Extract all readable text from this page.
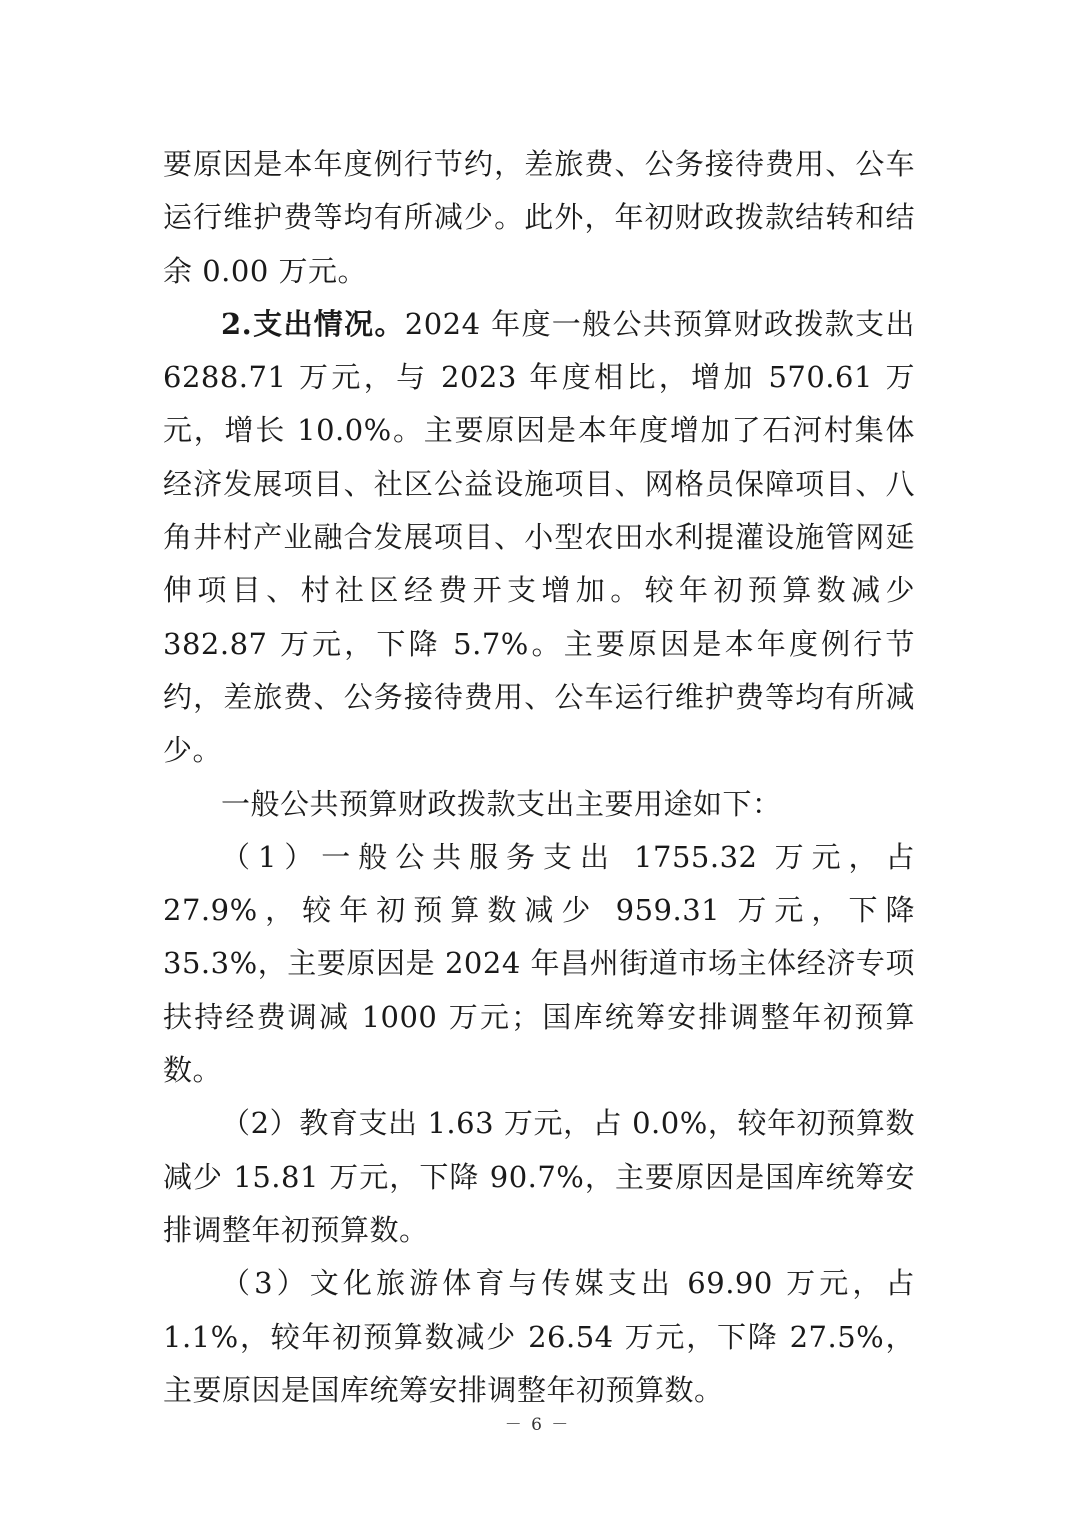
要原因是本年度例行节约，差旅费、公务接待费用、公车运行维护费等均有所减少。此外，年初财政拨款结转和结余 0.00 万元。

2.支出情况。2024 年度一般公共预算财政拨款支出 6288.71 万元，与 2023 年度相比，增加 570.61 万元，增长 10.0%。主要原因是本年度增加了石河村集体经济发展项目、社区公益设施项目、网格员保障项目、八角井村产业融合发展项目、小型农田水利提灌设施管网延伸项目、村社区经费开支增加。较年初预算数减少 382.87 万元，下降 5.7%。主要原因是本年度例行节约，差旅费、公务接待费用、公车运行维护费等均有所减少。

一般公共预算财政拨款支出主要用途如下：

（1）一般公共服务支出 1755.32 万元，占 27.9%，较年初预算数减少 959.31 万元，下降 35.3%，主要原因是 2024 年昌州街道市场主体经济专项扶持经费调减 1000 万元；国库统筹安排调整年初预算数。

（2）教育支出 1.63 万元，占 0.0%，较年初预算数减少 15.81 万元，下降 90.7%，主要原因是国库统筹安排调整年初预算数。

（3）文化旅游体育与传媒支出 69.90 万元，占 1.1%，较年初预算数减少 26.54 万元，下降 27.5%，主要原因是国库统筹安排调整年初预算数。

－ 6 －
